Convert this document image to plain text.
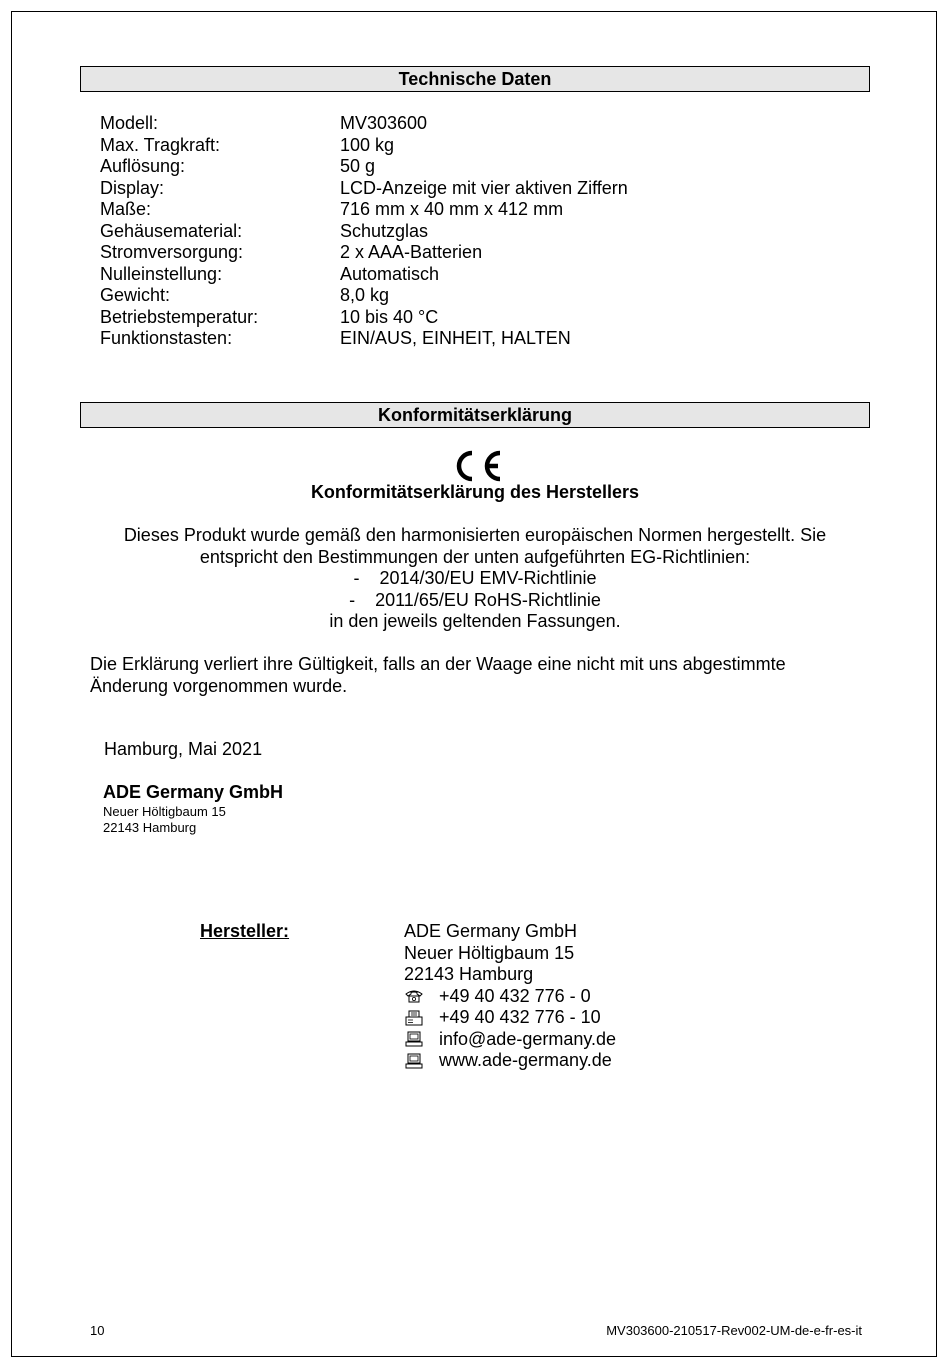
Technische Daten
Modell:	MV303600
Max. Tragkraft:	100 kg
Auflösung:	50 g
Display:	LCD-Anzeige mit vier aktiven Ziffern
Maße:	716 mm x 40 mm x 412 mm
Gehäusematerial:	Schutzglas
Stromversorgung:	2 x AAA-Batterien
Nulleinstellung:	Automatisch
Gewicht:	8,0 kg
Betriebstemperatur:	10 bis 40 °C
Funktionstasten:	EIN/AUS, EINHEIT, HALTEN
Konformitätserklärung
Konformitätserklärung des Herstellers
Dieses Produkt wurde gemäß den harmonisierten europäischen Normen hergestellt. Sie
entspricht den Bestimmungen der unten aufgeführten EG-Richtlinien:
-	2014/30/EU EMV-Richtlinie
-	2011/65/EU RoHS-Richtlinie
in den jeweils geltenden Fassungen.
Die Erklärung verliert ihre Gültigkeit, falls an der Waage eine nicht mit uns abgestimmte Änderung vorgenommen wurde.
Hamburg, Mai 2021
ADE Germany GmbH
Neuer Höltigbaum 15
22143 Hamburg
Hersteller:	ADE Germany GmbH
Neuer Höltigbaum 15
22143 Hamburg
+49 40 432 776 - 0
+49 40 432 776 - 10
info@ade-germany.de
www.ade-germany.de
10	MV303600-210517-Rev002-UM-de-e-fr-es-it
